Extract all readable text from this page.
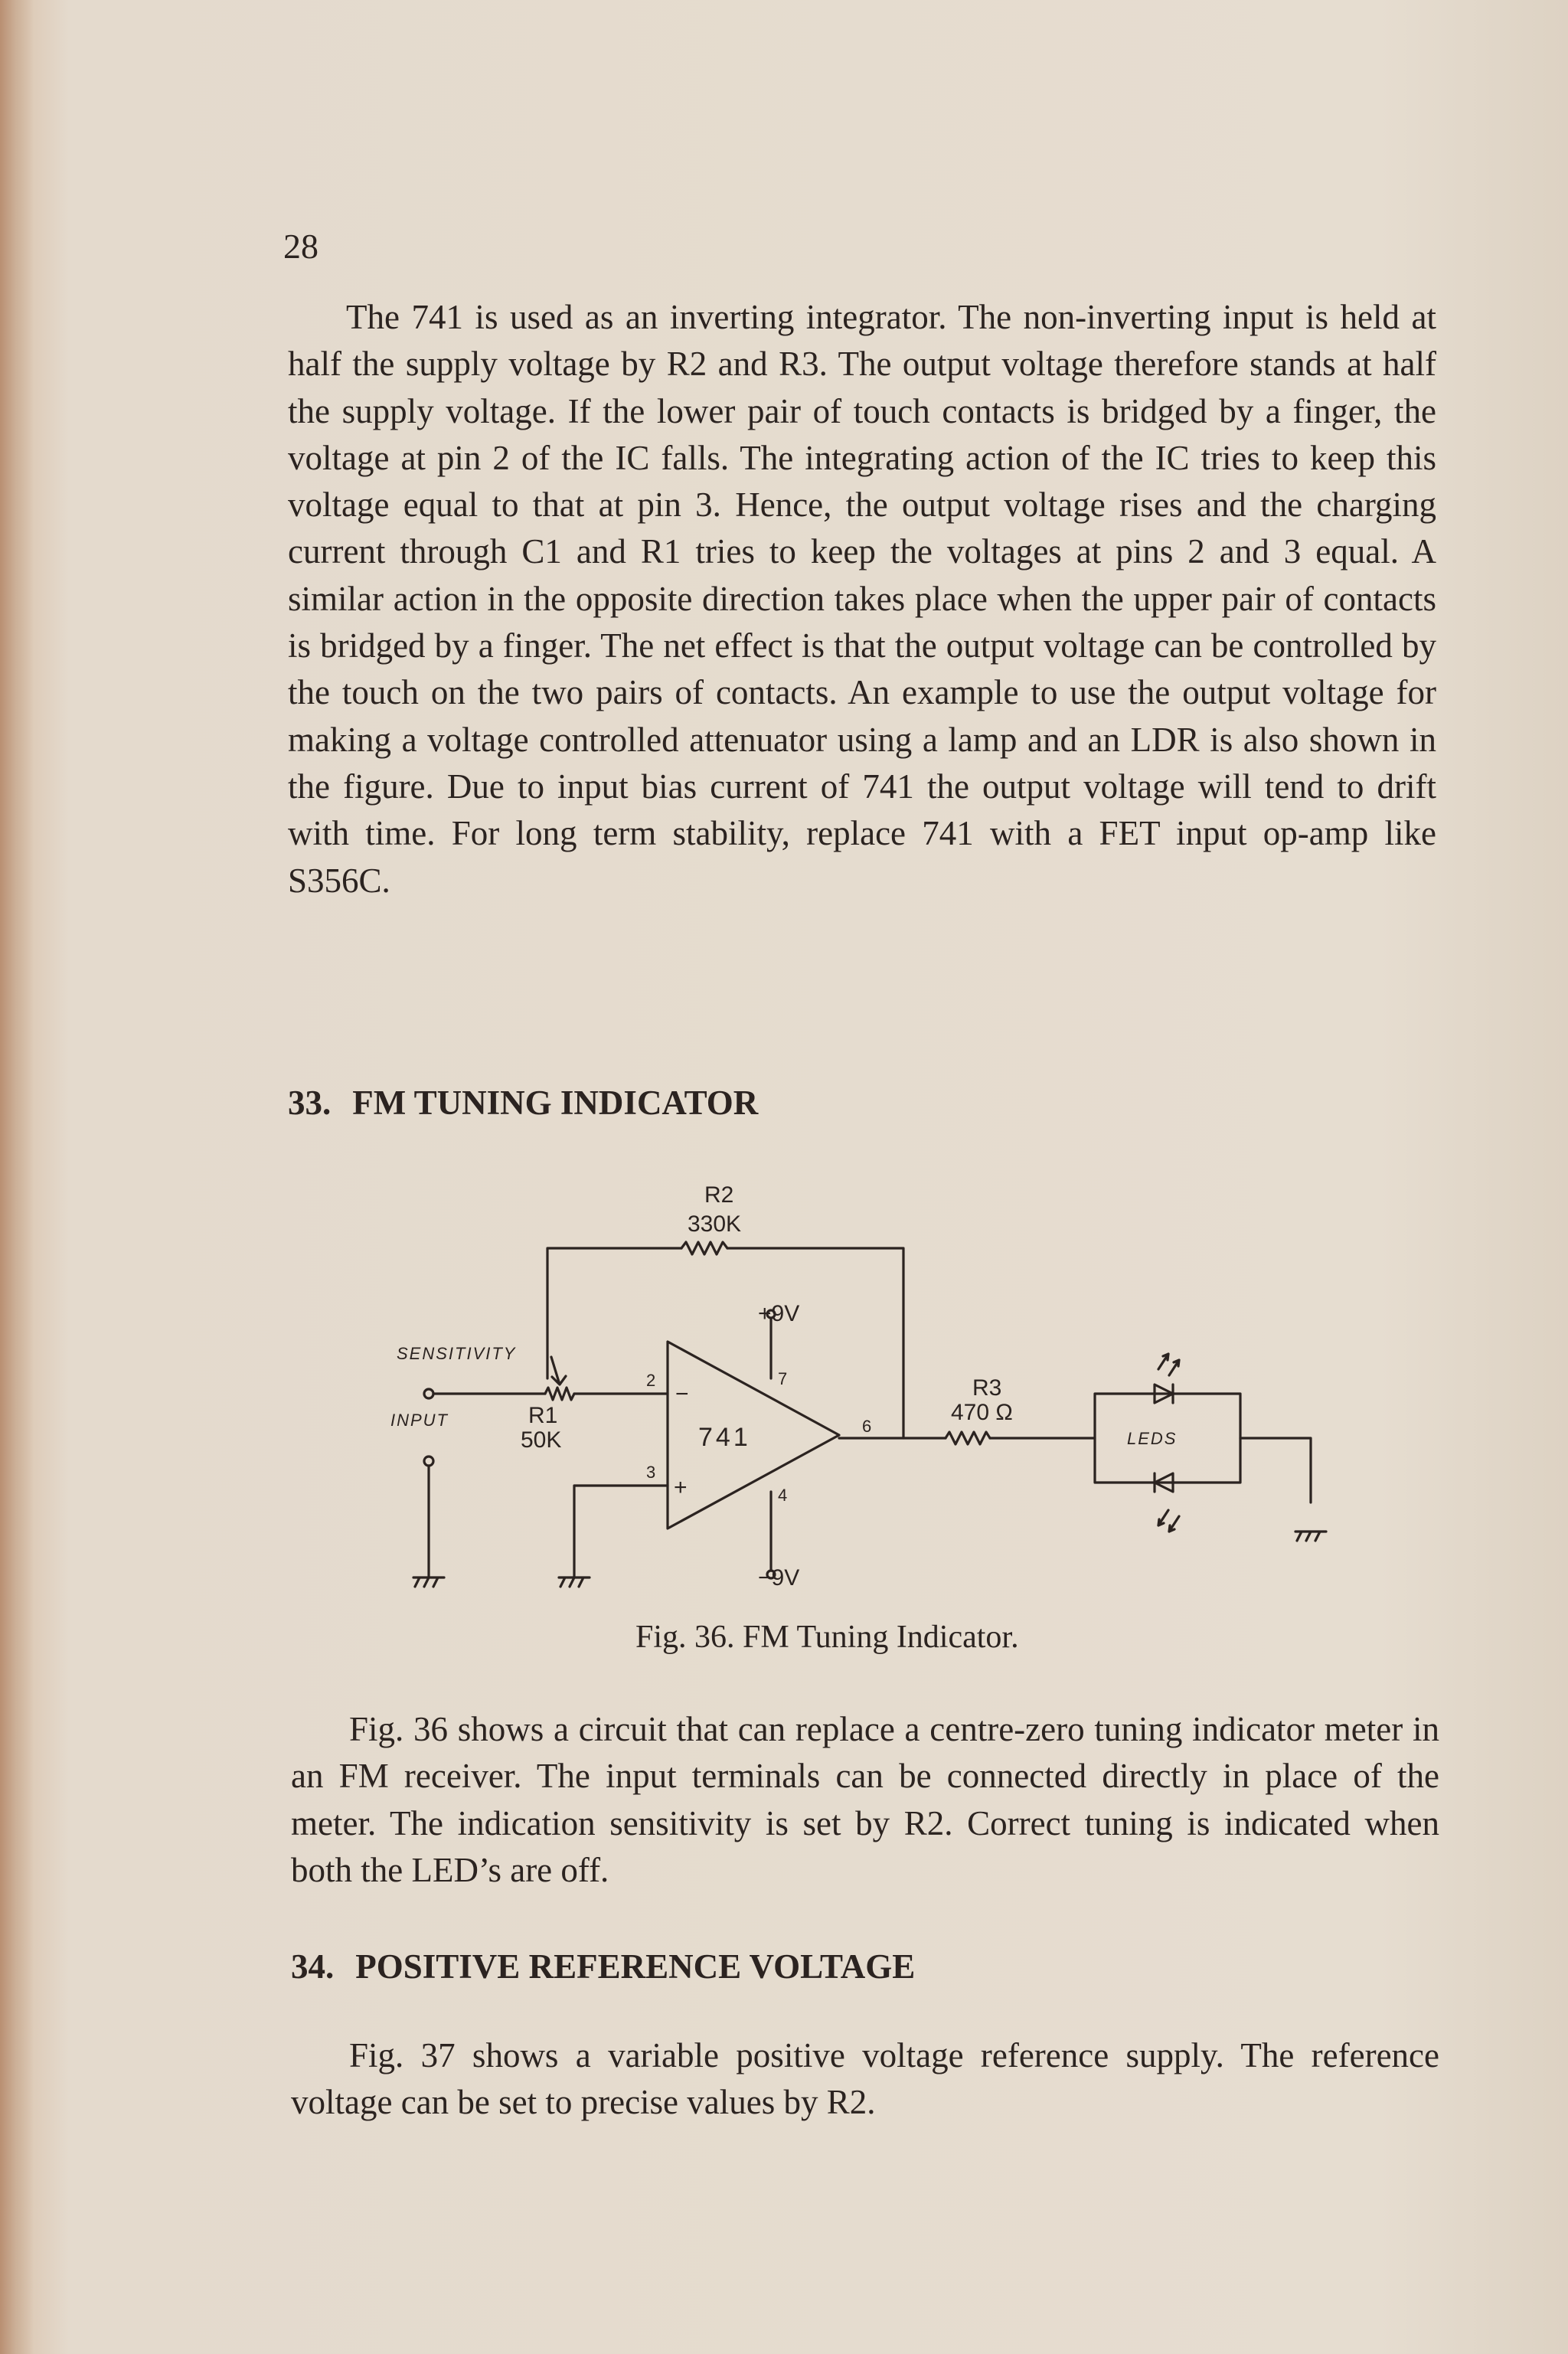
28

The 741 is used as an inverting integrator. The non-inverting input is held at half the supply voltage by R2 and R3. The output voltage therefore stands at half the supply voltage. If the lower pair of touch contacts is bridged by a finger, the voltage at pin 2 of the IC falls. The integrating action of the IC tries to keep this voltage equal to that at pin 3. Hence, the output voltage rises and the charging current through C1 and R1 tries to keep the voltages at pins 2 and 3 equal. A similar action in the opposite direction takes place when the upper pair of contacts is bridged by a finger. The net effect is that the output voltage can be controlled by the touch on the two pairs of contacts. An example to use the output voltage for making a voltage controlled attenuator using a lamp and an LDR is also shown in the figure. Due to input bias current of 741 the output voltage will tend to drift with time. For long term stability, replace 741 with a FET input op-amp like S356C.

33. FM TUNING INDICATOR
R2
330K
+9V
−9V
SENSITIVITY
INPUT	R1
50K	741
2
3
7
4
6
−
+
R3
470 Ω
LEDS
Fig. 36. FM Tuning Indicator.

Fig. 36 shows a circuit that can replace a centre-zero tuning indicator meter in an FM receiver. The input terminals can be connected directly in place of the meter. The indication sensitivity is set by R2. Correct tuning is indicated when both the LED’s are off.

34. POSITIVE REFERENCE VOLTAGE

Fig. 37 shows a variable positive voltage reference supply. The reference voltage can be set to precise values by R2.
